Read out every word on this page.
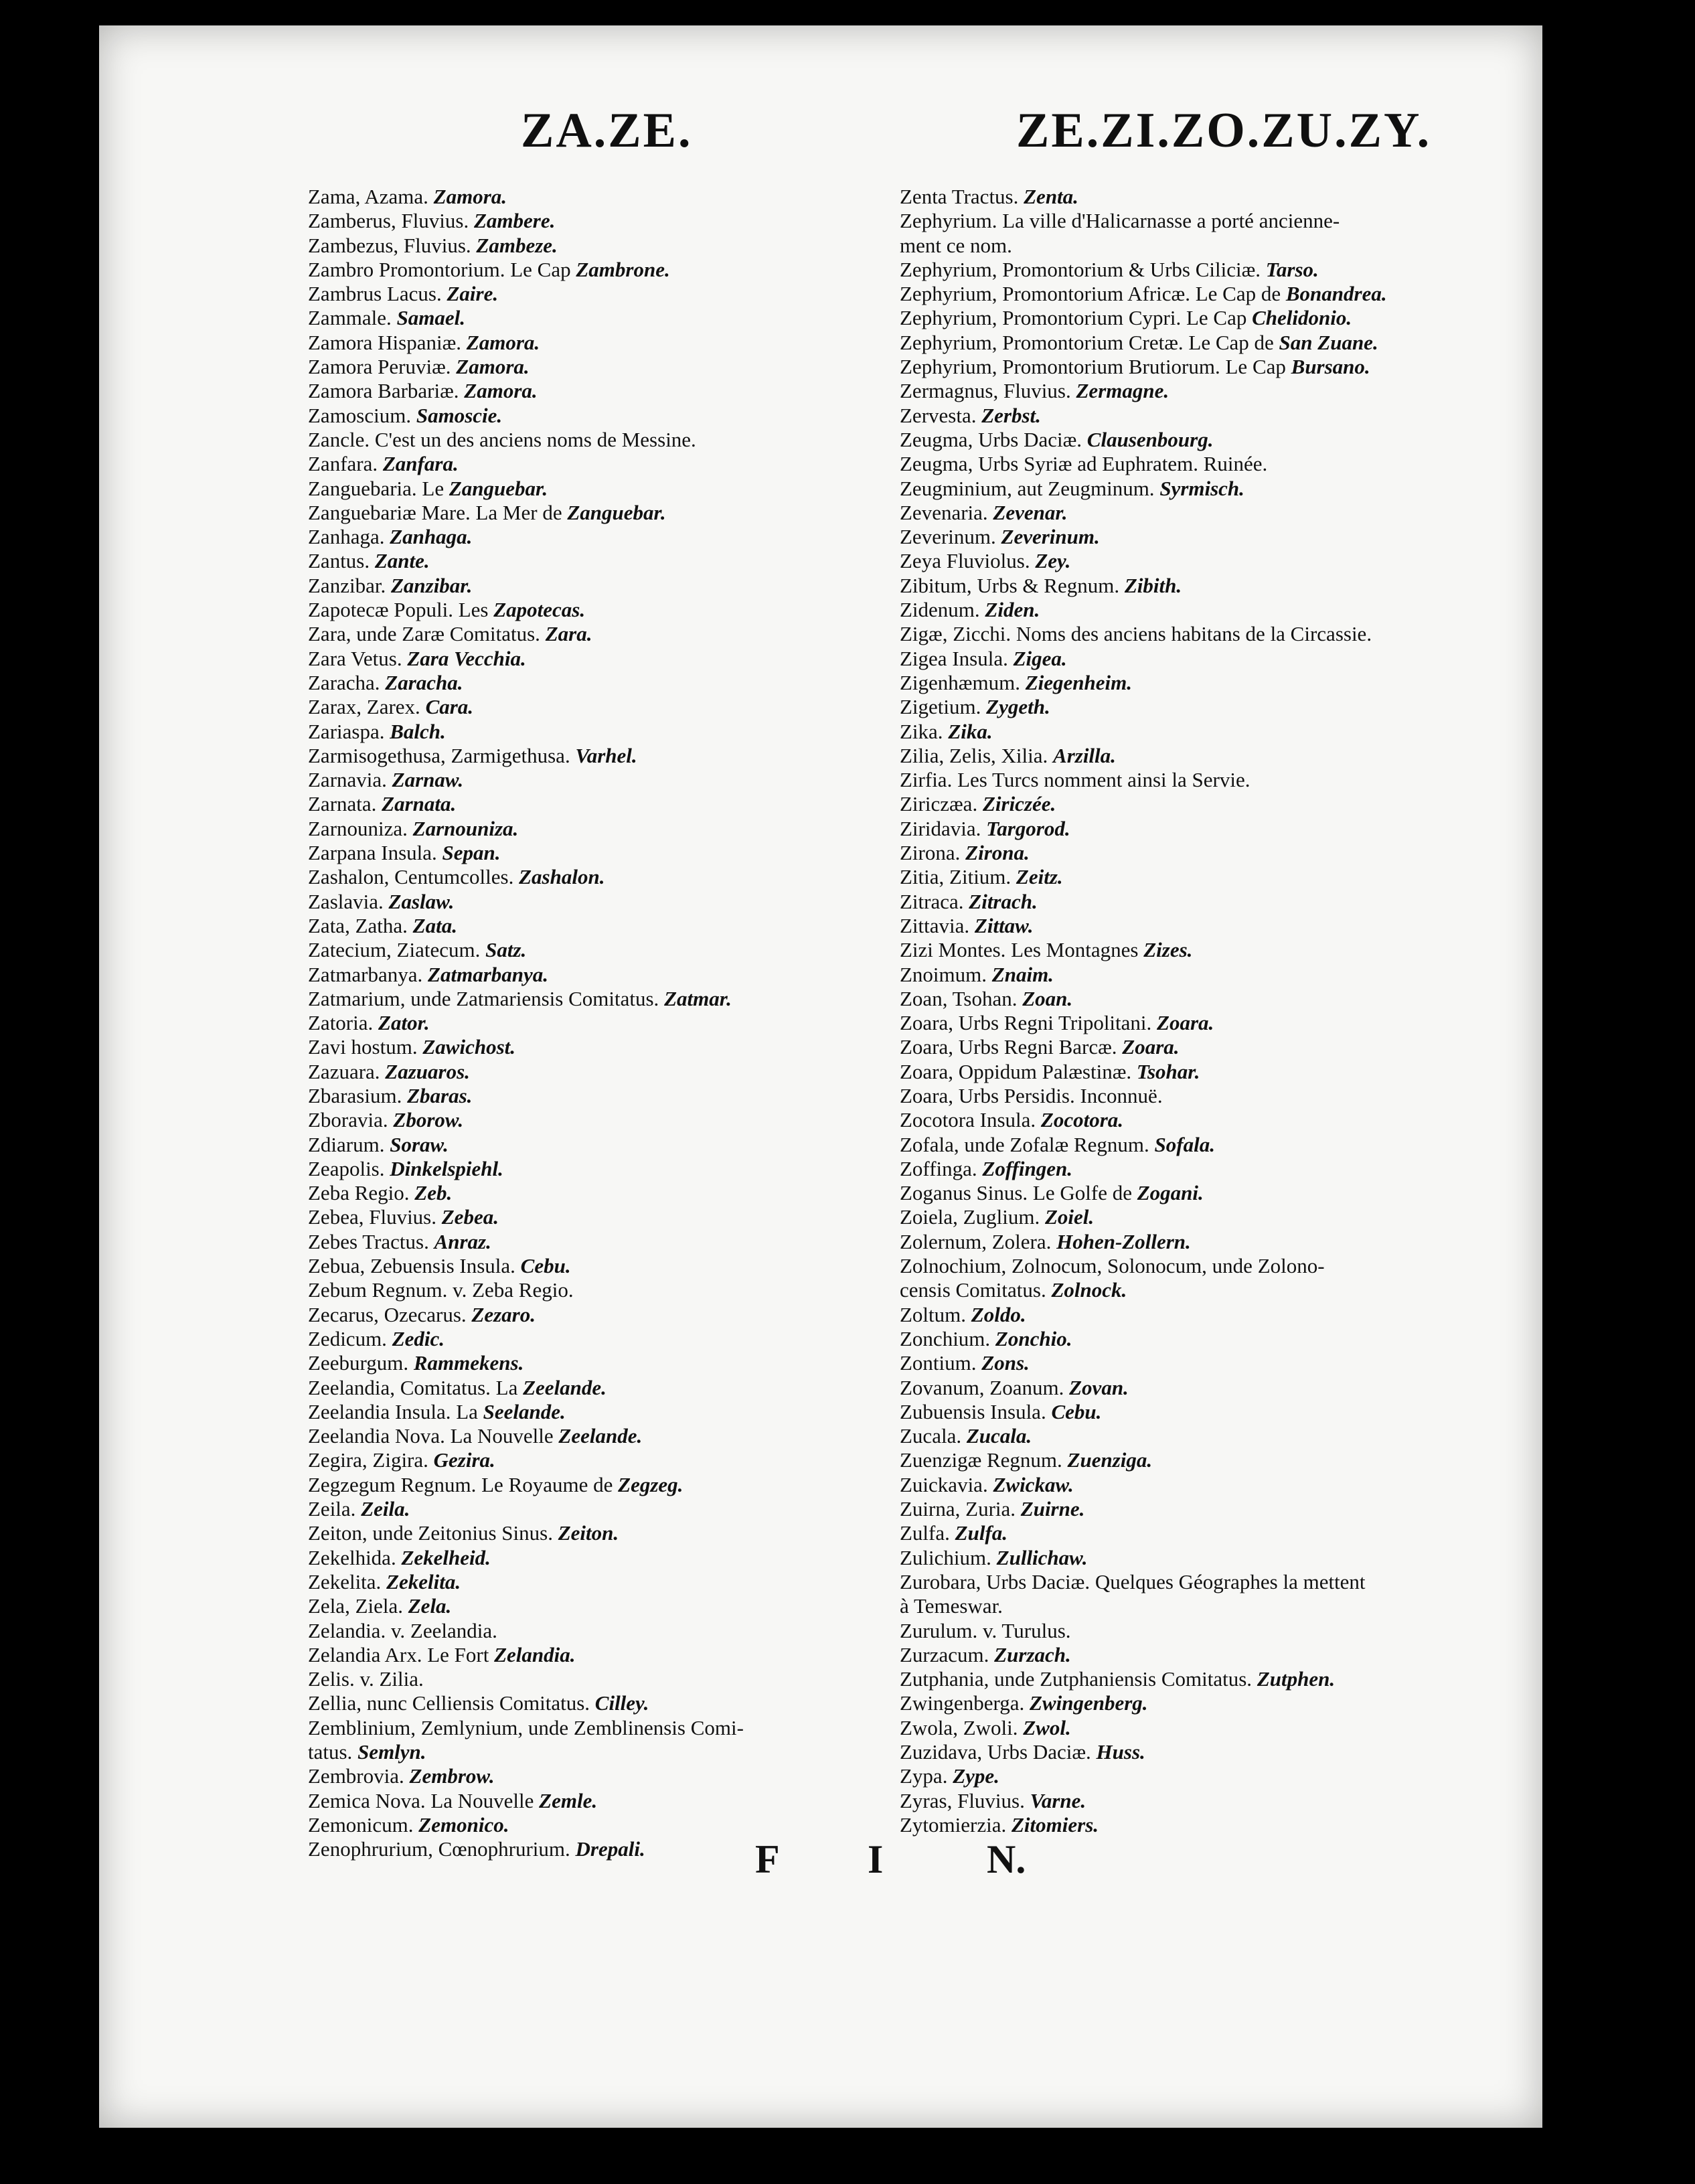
ZA.ZE.	ZE.ZI.ZO.ZU.ZY.

Zama, Azama. Zamora.
Zamberus, Fluvius. Zambere.
Zambezus, Fluvius. Zambeze.
Zambro Promontorium. Le Cap Zambrone.
Zambrus Lacus. Zaire.
Zammale. Samael.
Zamora Hispaniæ. Zamora.
Zamora Peruviæ. Zamora.
Zamora Barbariæ. Zamora.
Zamoscium. Samoscie.
Zancle. C'est un des anciens noms de Messine.
Zanfara. Zanfara.
Zanguebaria. Le Zanguebar.
Zanguebariæ Mare. La Mer de Zanguebar.
Zanhaga. Zanhaga.
Zantus. Zante.
Zanzibar. Zanzibar.
Zapotecæ Populi. Les Zapotecas.
Zara, unde Zaræ Comitatus. Zara.
Zara Vetus. Zara Vecchia.
Zaracha. Zaracha.
Zarax, Zarex. Cara.
Zariaspa. Balch.
Zarmisogethusa, Zarmigethusa. Varhel.
Zarnavia. Zarnaw.
Zarnata. Zarnata.
Zarnouniza. Zarnouniza.
Zarpana Insula. Sepan.
Zashalon, Centumcolles. Zashalon.
Zaslavia. Zaslaw.
Zata, Zatha. Zata.
Zatecium, Ziatecum. Satz.
Zatmarbanya. Zatmarbanya.
Zatmarium, unde Zatmariensis Comitatus. Zatmar.
Zatoria. Zator.
Zavi hostum. Zawichost.
Zazuara. Zazuaros.
Zbarasium. Zbaras.
Zboravia. Zborow.
Zdiarum. Soraw.
Zeapolis. Dinkelspiehl.
Zeba Regio. Zeb.
Zebea, Fluvius. Zebea.
Zebes Tractus. Anraz.
Zebua, Zebuensis Insula. Cebu.
Zebum Regnum. v. Zeba Regio.
Zecarus, Ozecarus. Zezaro.
Zedicum. Zedic.
Zeeburgum. Rammekens.
Zeelandia, Comitatus. La Zeelande.
Zeelandia Insula. La Seelande.
Zeelandia Nova. La Nouvelle Zeelande.
Zegira, Zigira. Gezira.
Zegzegum Regnum. Le Royaume de Zegzeg.
Zeila. Zeila.
Zeiton, unde Zeitonius Sinus. Zeiton.
Zekelhida. Zekelheid.
Zekelita. Zekelita.
Zela, Ziela. Zela.
Zelandia. v. Zeelandia.
Zelandia Arx. Le Fort Zelandia.
Zelis. v. Zilia.
Zellia, nunc Celliensis Comitatus. Cilley.
Zemblinium, Zemlynium, unde Zemblinensis Comi-
tatus. Semlyn.
Zembrovia. Zembrow.
Zemica Nova. La Nouvelle Zemle.
Zemonicum. Zemonico.
Zenophrurium, Cœnophrurium. Drepali.
Zenta Tractus. Zenta.
Zephyrium. La ville d'Halicarnasse a porté ancienne-
ment ce nom.
Zephyrium, Promontorium & Urbs Ciliciæ. Tarso.
Zephyrium, Promontorium Africæ. Le Cap de Bonandrea.
Zephyrium, Promontorium Cypri. Le Cap Chelidonio.
Zephyrium, Promontorium Cretæ. Le Cap de San Zuane.
Zephyrium, Promontorium Brutiorum. Le Cap Bursano.
Zermagnus, Fluvius. Zermagne.
Zervesta. Zerbst.
Zeugma, Urbs Daciæ. Clausenbourg.
Zeugma, Urbs Syriæ ad Euphratem. Ruinée.
Zeugminium, aut Zeugminum. Syrmisch.
Zevenaria. Zevenar.
Zeverinum. Zeverinum.
Zeya Fluviolus. Zey.
Zibitum, Urbs & Regnum. Zibith.
Zidenum. Ziden.
Zigæ, Zicchi. Noms des anciens habitans de la Circassie.
Zigea Insula. Zigea.
Zigenhæmum. Ziegenheim.
Zigetium. Zygeth.
Zika. Zika.
Zilia, Zelis, Xilia. Arzilla.
Zirfia. Les Turcs nomment ainsi la Servie.
Ziriczæa. Ziriczée.
Ziridavia. Targorod.
Zirona. Zirona.
Zitia, Zitium. Zeitz.
Zitraca. Zitrach.
Zittavia. Zittaw.
Zizi Montes. Les Montagnes Zizes.
Znoimum. Znaim.
Zoan, Tsohan. Zoan.
Zoara, Urbs Regni Tripolitani. Zoara.
Zoara, Urbs Regni Barcæ. Zoara.
Zoara, Oppidum Palæstinæ. Tsohar.
Zoara, Urbs Persidis. Inconnuë.
Zocotora Insula. Zocotora.
Zofala, unde Zofalæ Regnum. Sofala.
Zoffinga. Zoffingen.
Zoganus Sinus. Le Golfe de Zogani.
Zoiela, Zuglium. Zoiel.
Zolernum, Zolera. Hohen-Zollern.
Zolnochium, Zolnocum, Solonocum, unde Zolono-
censis Comitatus. Zolnock.
Zoltum. Zoldo.
Zonchium. Zonchio.
Zontium. Zons.
Zovanum, Zoanum. Zovan.
Zubuensis Insula. Cebu.
Zucala. Zucala.
Zuenzigæ Regnum. Zuenziga.
Zuickavia. Zwickaw.
Zuirna, Zuria. Zuirne.
Zulfa. Zulfa.
Zulichium. Zullichaw.
Zurobara, Urbs Daciæ. Quelques Géographes la mettent
à Temeswar.
Zurulum. v. Turulus.
Zurzacum. Zurzach.
Zutphania, unde Zutphaniensis Comitatus. Zutphen.
Zwingenberga. Zwingenberg.
Zwola, Zwoli. Zwol.
Zuzidava, Urbs Daciæ. Huss.
Zypa. Zype.
Zyras, Fluvius. Varne.
Zytomierzia. Zitomiers.
F I	N.
